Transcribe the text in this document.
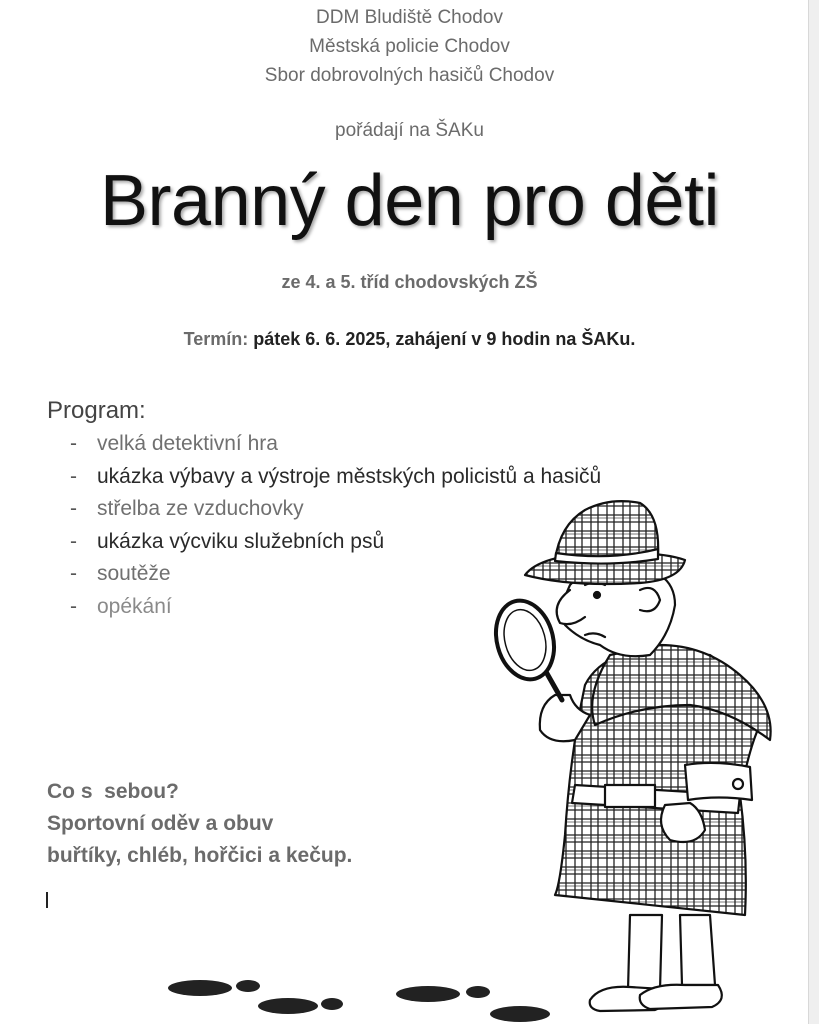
DDM Bludiště Chodov
Městská policie Chodov
Sbor dobrovolných hasičů Chodov
pořádají na ŠAKu
Branný den pro děti
ze 4. a 5. tříd chodovských ZŠ
Termín: pátek 6. 6. 2025, zahájení v 9 hodin na ŠAKu.
Program:
- velká detektivní hra
- ukázka výbavy a výstroje městských policistů a hasičů
- střelba ze vzduchovky
- ukázka výcviku služebních psů
- soutěže
- opékání
Co s  sebou?
Sportovní oděv a obuv
buřtíky, chléb, hořčici a kečup.
